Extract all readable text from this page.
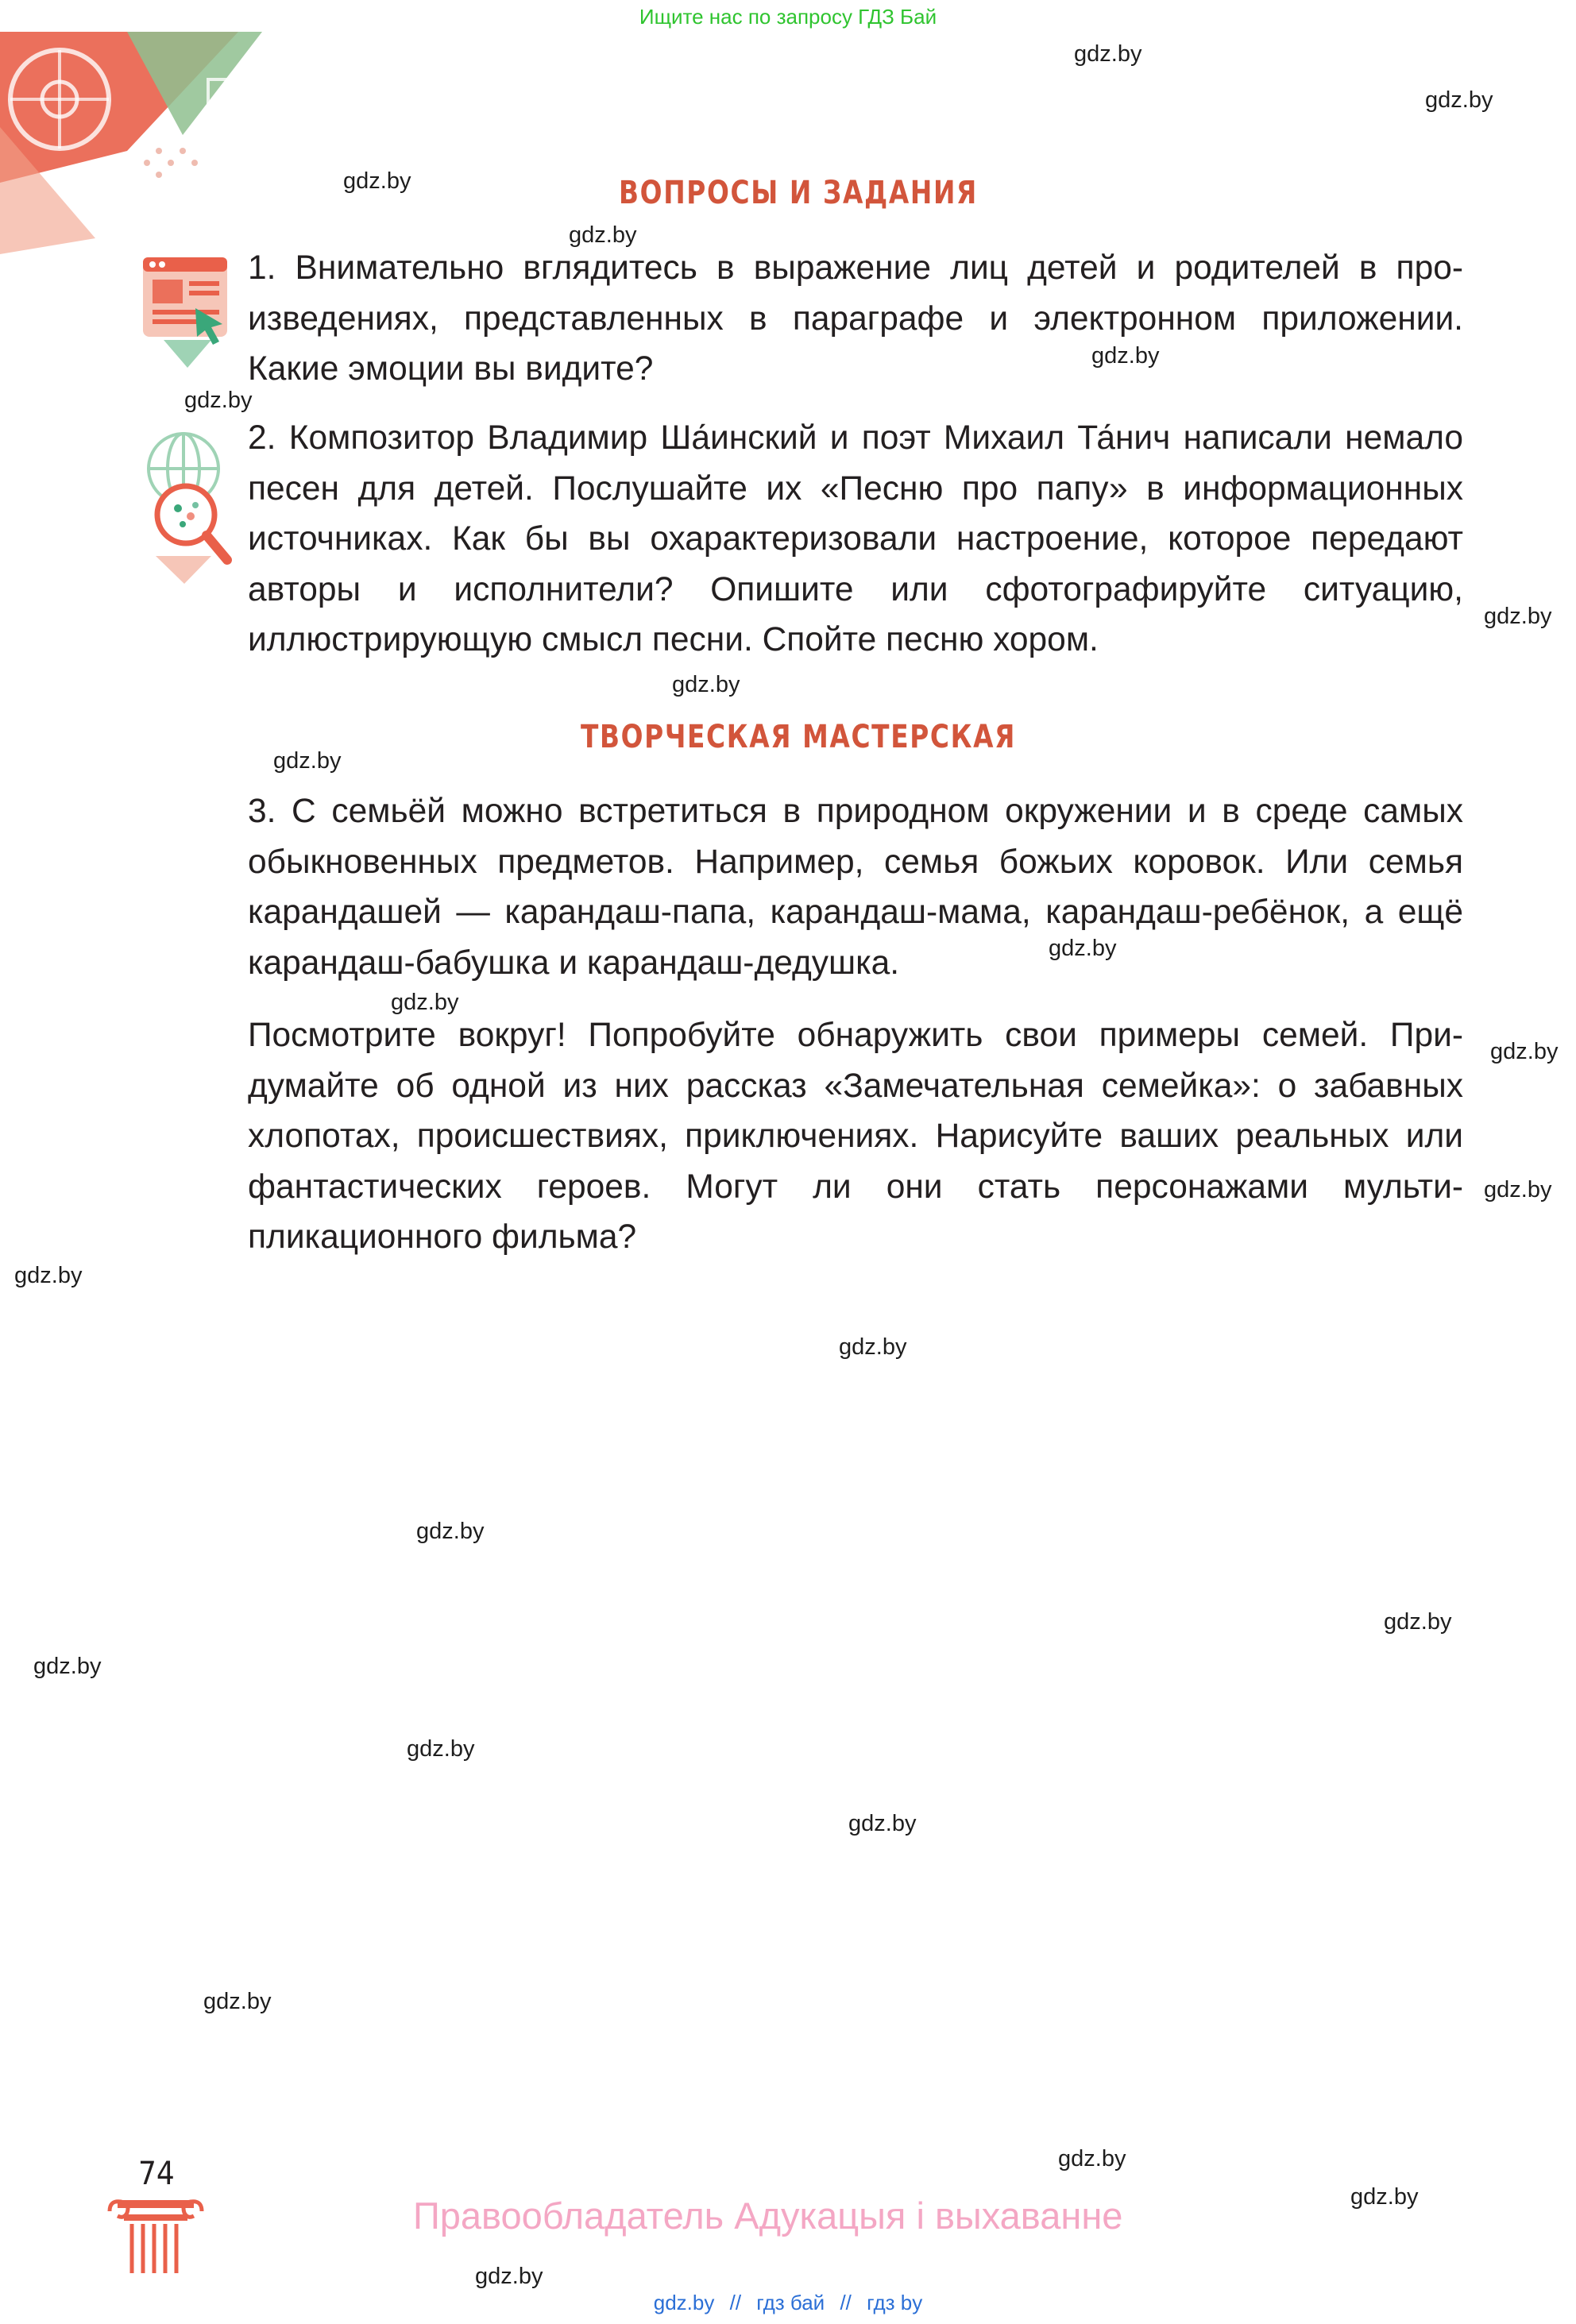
Ищите нас по запросу ГДЗ Бай
ВОПРОСЫ И ЗАДАНИЯ
1. Внимательно вглядитесь в выражение лиц детей и родителей в произведениях, представленных в параграфе и электронном приложении. Какие эмоции вы видите?
2. Композитор Владимир Ша́инский и поэт Михаил Та́нич написали немало песен для детей. Послушайте их «Песню про папу» в информационных источниках. Как бы вы охарактеризовали настроение, которое передают авторы и исполнители? Опишите или сфотографируйте ситуацию, иллюстрирующую смысл песни. Спойте песню хором.
ТВОРЧЕСКАЯ МАСТЕРСКАЯ
3. С семьёй можно встретиться в природном окружении и в среде самых обыкновенных предметов. Например, семья божьих коровок. Или семья карандашей — карандаш-папа, карандаш-мама, карандаш-ребёнок, а ещё карандаш-бабушка и карандаш-дедушка.
Посмотрите вокруг! Попробуйте обнаружить свои примеры семей. Придумайте об одной из них рассказ «Замечательная семейка»: о забавных хлопотах, происшествиях, приключениях. Нарисуйте ваших реальных или фантастических героев. Могут ли они стать персонажами мультипликационного фильма?
gdz.by
gdz.by
gdz.by
gdz.by
gdz.by
gdz.by
gdz.by
gdz.by
gdz.by
gdz.by
gdz.by
gdz.by
gdz.by
gdz.by
gdz.by
gdz.by
gdz.by
gdz.by
gdz.by
gdz.by
gdz.by
gdz.by
gdz.by
gdz.by
74
Правообладатель Адукацыя і выхаванне
gdz.by // гдз бай // гдз by
